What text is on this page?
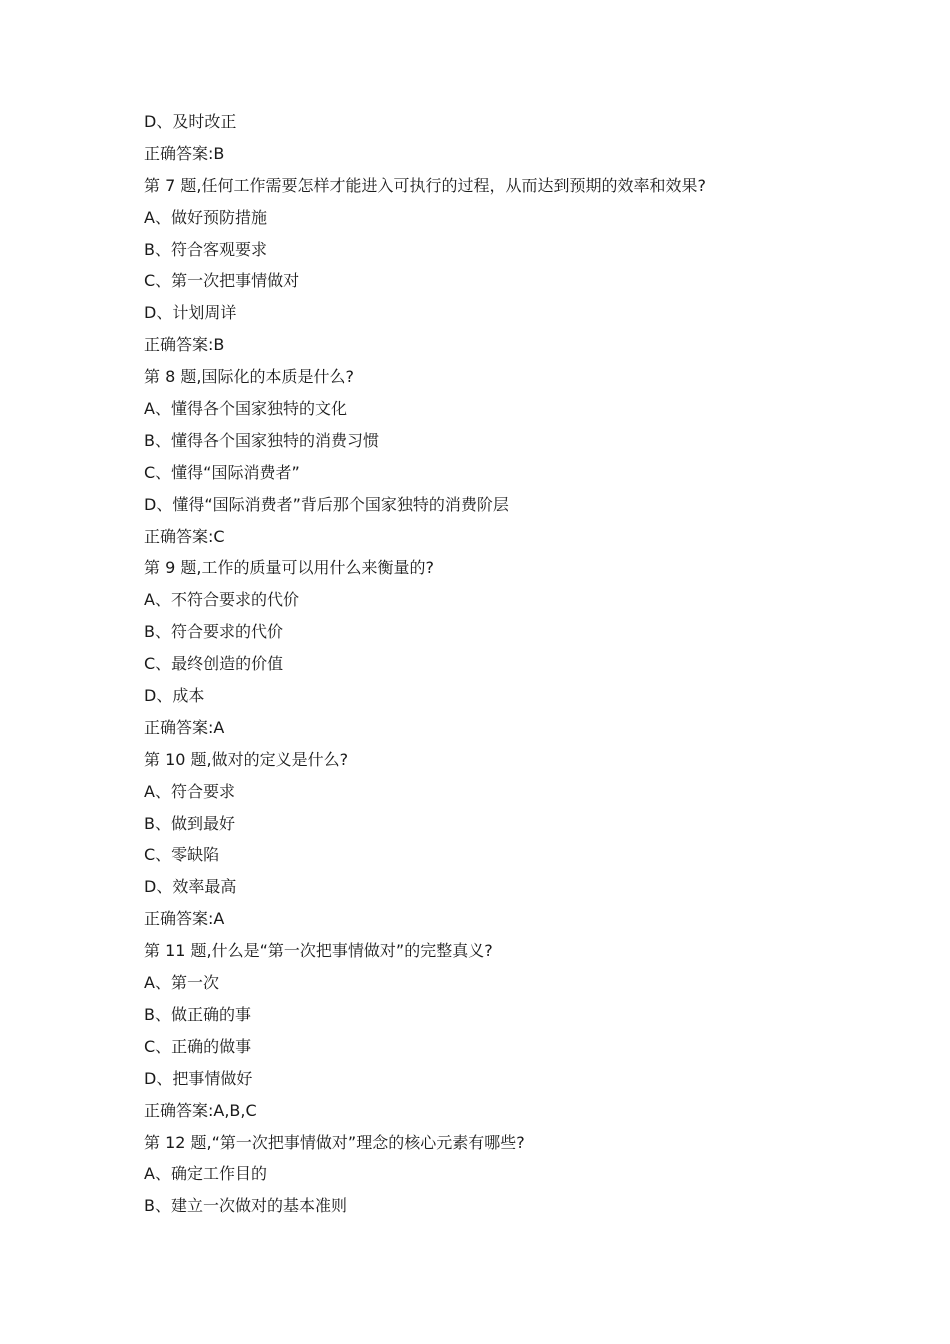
D、及时改正
正确答案:B
第 7 题,任何工作需要怎样才能进入可执行的过程，从而达到预期的效率和效果?
A、做好预防措施
B、符合客观要求
C、第一次把事情做对
D、计划周详
正确答案:B
第 8 题,国际化的本质是什么?
A、懂得各个国家独特的文化
B、懂得各个国家独特的消费习惯
C、懂得“国际消费者”
D、懂得“国际消费者”背后那个国家独特的消费阶层
正确答案:C
第 9 题,工作的质量可以用什么来衡量的?
A、不符合要求的代价
B、符合要求的代价
C、最终创造的价值
D、成本
正确答案:A
第 10 题,做对的定义是什么?
A、符合要求
B、做到最好
C、零缺陷
D、效率最高
正确答案:A
第 11 题,什么是“第一次把事情做对”的完整真义?
A、第一次
B、做正确的事
C、正确的做事
D、把事情做好
正确答案:A,B,C
第 12 题,“第一次把事情做对”理念的核心元素有哪些?
A、确定工作目的
B、建立一次做对的基本准则
